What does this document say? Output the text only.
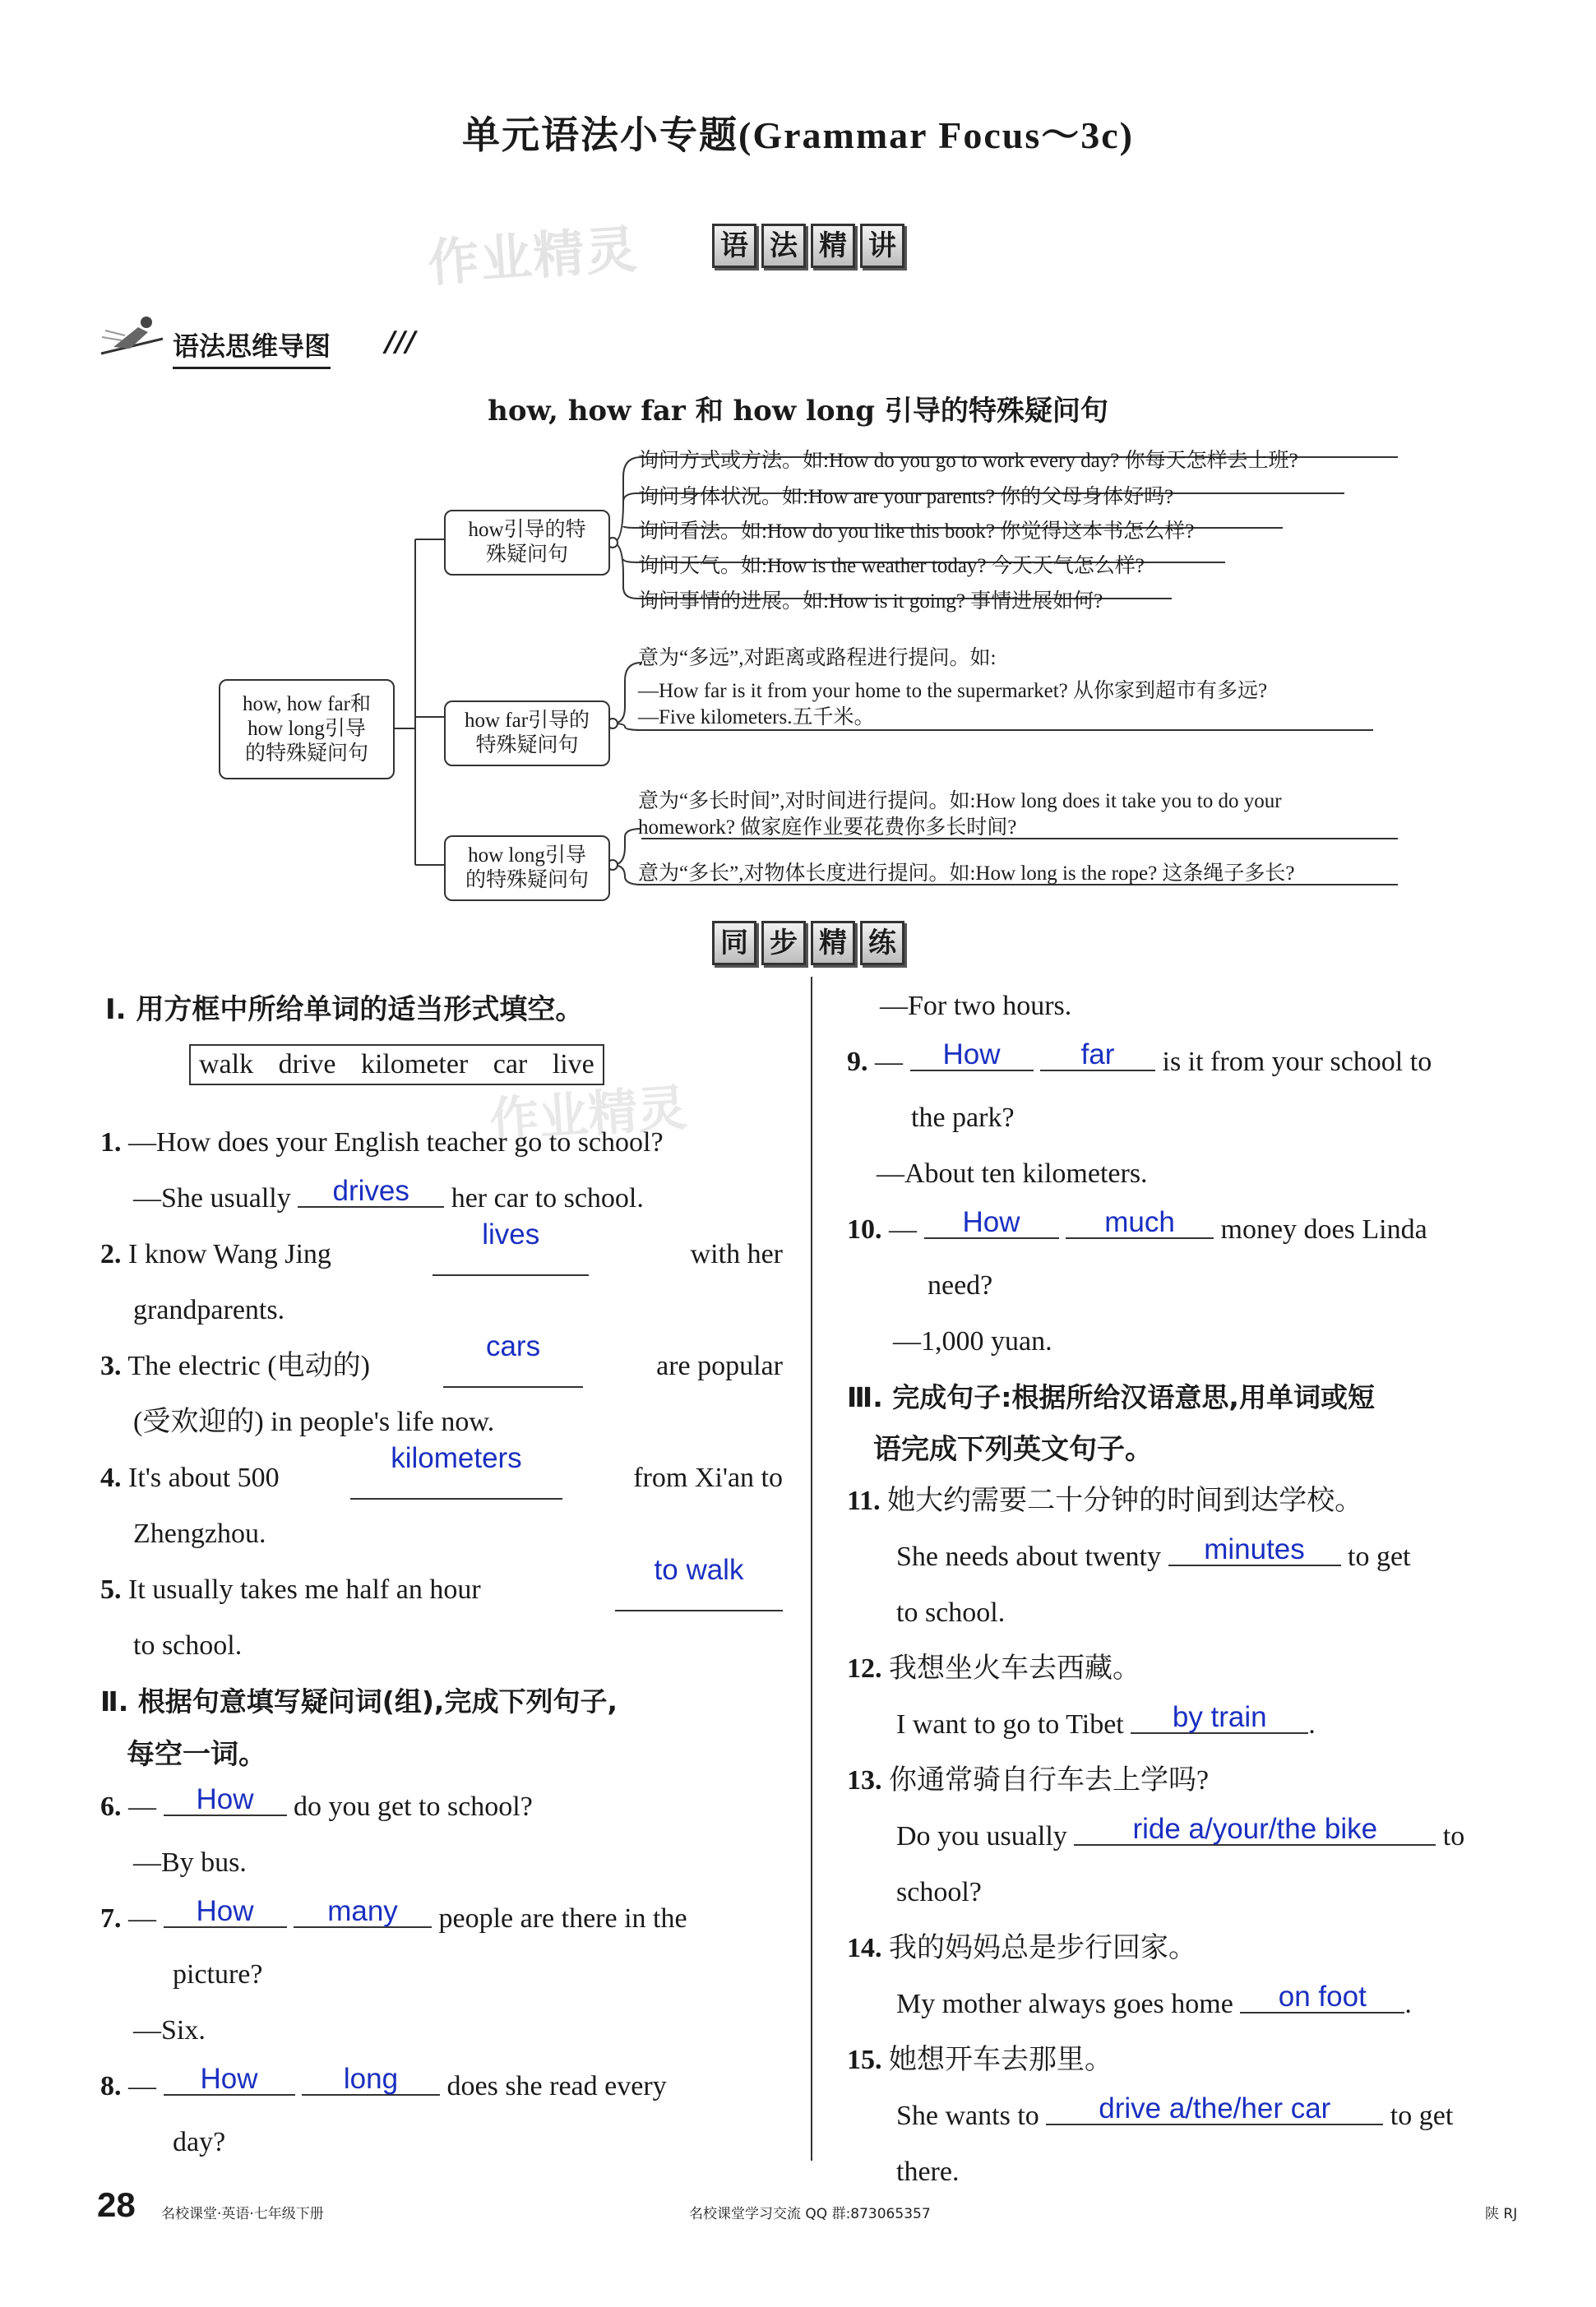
单元语法小专题(Grammar Focus～3c)
作业精灵	语 法 精 讲
语法思维导图 ///
how, how far 和 how long 引导的特殊疑问句
how, how far和
how long引导
的特殊疑问句
how引导的特
殊疑问句
how far引导的
特殊疑问句
how long引导
的特殊疑问句
询问方式或方法。如:How do you go to work every day? 你每天怎样去上班?
询问身体状况。如:How are your parents? 你的父母身体好吗?
询问看法。如:How do you like this book? 你觉得这本书怎么样?
询问天气。如:How is the weather today? 今天天气怎么样?
询问事情的进展。如:How is it going? 事情进展如何?
意为“多远”,对距离或路程进行提问。如:
—How far is it from your home to the supermarket? 从你家到超市有多远?
—Five kilometers.五千米。
意为“多长时间”,对时间进行提问。如:How long does it take you to do your
homework? 做家庭作业要花费你多长时间?
意为“多长”,对物体长度进行提问。如:How long is the rope? 这条绳子多长?
同 步 精 练
作业精灵
Ⅰ. 用方框中所给单词的适当形式填空。
walk drive kilometer car live
1. —How does your English teacher go to school?
—She usually drives her car to school.
2. I know Wang Jing
lives
with her
grandparents.
3. The electric (电动的)
cars
are popular
(受欢迎的) in people's life now.
4. It's about 500
kilometers
from Xi'an to
Zhengzhou.
5. It usually takes me half an hour
to walk
to school.
Ⅱ. 根据句意填写疑问词(组),完成下列句子,
每空一词。
6. — How do you get to school?
—By bus.
7. — How	many people are there in the
picture?
—Six.
8. — How	long does she read every
day?
—For two hours.
9. — How	far is it from your school to
the park?
—About ten kilometers.
10. — How	much money does Linda
need?
—1,000 yuan.
Ⅲ. 完成句子:根据所给汉语意思,用单词或短
语完成下列英文句子。
11. 她大约需要二十分钟的时间到达学校。
She needs about twenty minutes to get
to school.
12. 我想坐火车去西藏。
I want to go to Tibet by train .
13. 你通常骑自行车去上学吗?
Do you usually ride a/your/the bike to
school?
14. 我的妈妈总是步行回家。
My mother always goes home on foot .
15. 她想开车去那里。
She wants to drive a/the/her car to get
there.
28 名校课堂·英语·七年级下册	名校课堂学习交流 QQ 群:873065357	陕 RJ
